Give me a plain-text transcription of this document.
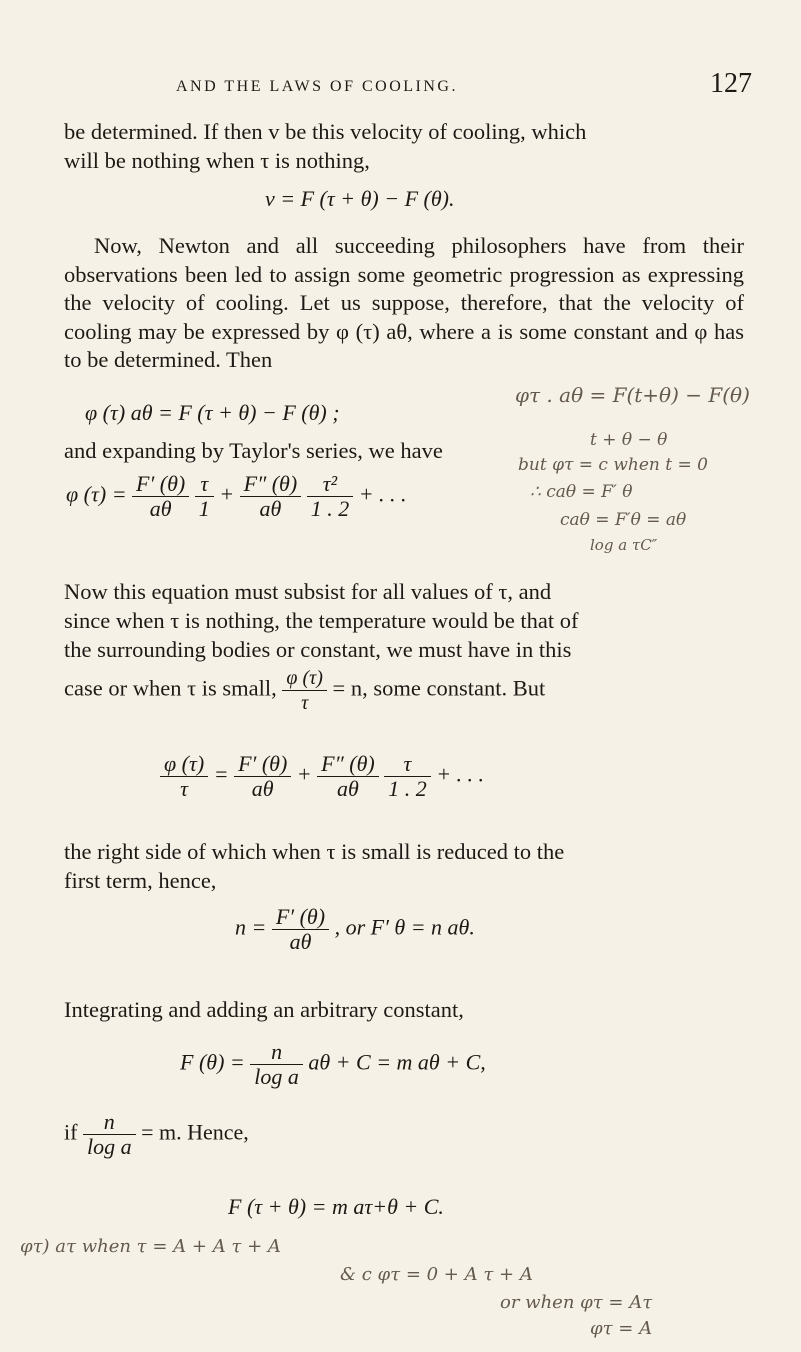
AND THE LAWS OF COOLING.	127
be determined. If then v be this velocity of cooling, which
will be nothing when τ is nothing,
v = F (τ + θ) − F (θ).
Now, Newton and all succeeding philosophers have from their observations been led to assign some geometric progression as expressing the velocity of cooling. Let us suppose, therefore, that the velocity of cooling may be expressed by φ (τ) aθ, where a is some constant and φ has to be determined. Then
φ (τ) aθ = F (τ + θ) − F (θ) ;
and expanding by Taylor's series, we have
φ $(\tau) = \frac{F' (\theta)}{a\theta}$
$\frac{\tau}{1} + \frac{F'' (\theta)}{a\theta}$
$\frac{\text{τ²}}{1 . 2}$ + . . .
Now this equation must subsist for all values of τ, and
since when τ is nothing, the temperature would be that of
the surrounding bodies or constant, we must have in this
case or when τ is small, $\frac{\varphi (\tau)}{\tau} = n$, some constant. But
$\frac{\varphi (\tau)}{\tau} = \frac{F' (\theta)}{a\theta} + \frac{F'' (\theta)}{a\theta}$
$\frac{\tau}{1 . 2}$ + . . .
the right side of which when τ is small is reduced to the
first term, hence,
$n = \frac{F' (\theta)}{a\theta}$ , or F′ θ = n aθ.
Integrating and adding an arbitrary constant,
F $(\theta) = \frac{n}{\text{log a}}$ aθ + C = m aθ + C,
if $\frac{n}{\text{log a}} = m$. Hence,
F (τ + θ) = m aτ+θ + C.
φτ . aθ = F(t+θ) − F(θ)
t + θ − θ
but φτ = c when t = 0
∴ caθ = F′ θ
caθ = F′θ = aθ
log a τC″
φτ) aτ when τ = A + A τ + A
& c φτ = 0 + A τ + A
or when φτ = Aτ
φτ = A
